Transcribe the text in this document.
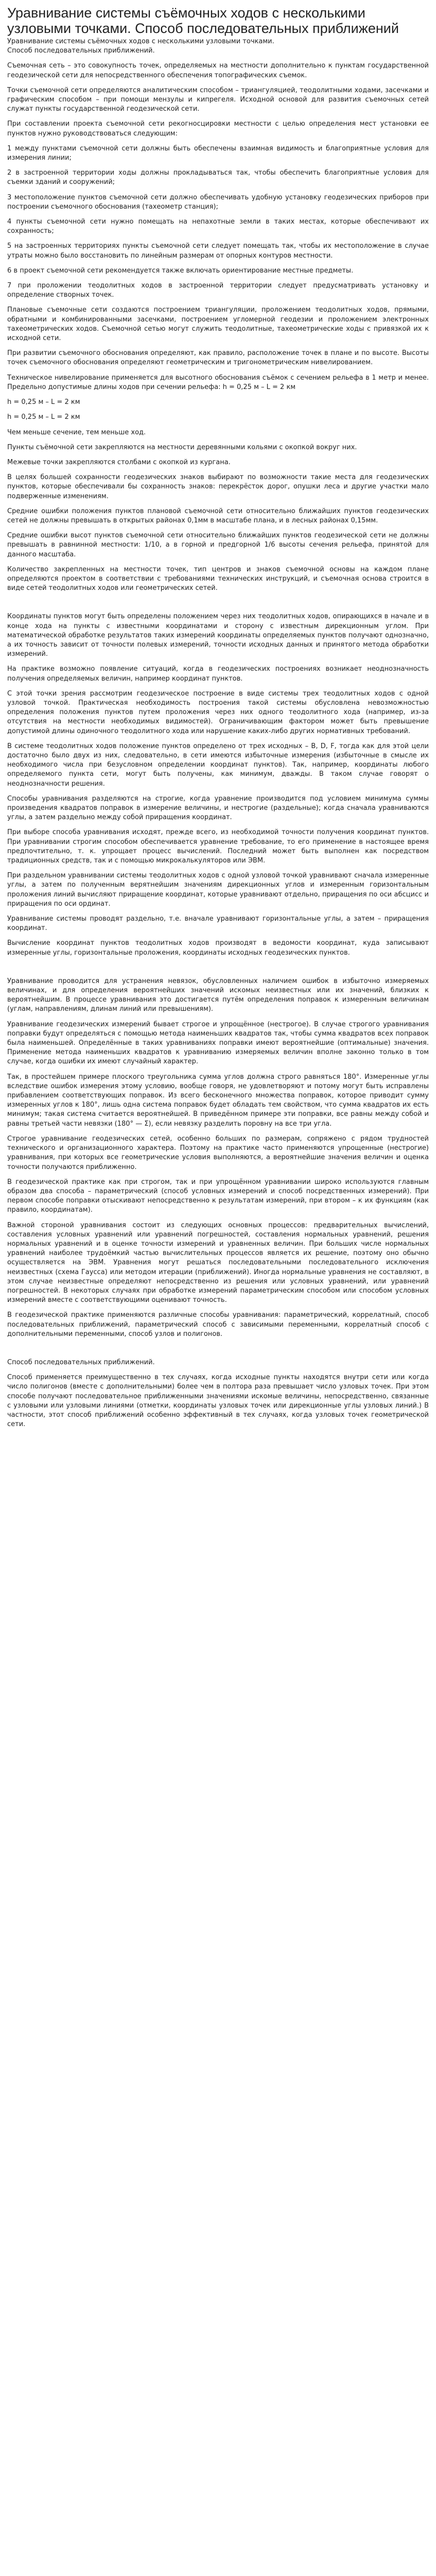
Уравнивание системы съёмочных ходов с несколькими узловыми точками. Способ последовательных приближений

Уравнивание системы съёмочных ходов с несколькими узловыми точками.

Способ последовательных приближений.

Съемочная сеть – это совокупность точек, определяемых на местности дополнительно к пунктам государственной геодезической сети для непосредственного обеспечения топографических съемок.

Точки съемочной сети определяются аналитическим способом – триангуляцией, теодолитными ходами, засечками и графическим способом – при помощи мензулы и кипрегеля. Исходной основой для развития съемочных сетей служат пункты государственной геодезической сети.

При составлении проекта съемочной сети рекогносцировки местности с целью определения мест установки ее пунктов нужно руководствоваться следующим:

1 между пунктами съемочной сети должны быть обеспечены взаимная видимость и благоприятные условия для измерения линии;

2 в застроенной территории ходы должны прокладываться так, чтобы обеспечить благоприятные условия для съемки зданий и сооружений;

3 местоположение пунктов съемочной сети должно обеспечивать удобную установку геодезических приборов при построении съемочного обоснования (тахеометр станция);

4 пункты съемочной сети нужно помещать на непахотные земли в таких местах, которые обеспечивают их сохранность;

5 на застроенных территориях пункты съемочной сети следует помещать так, чтобы их местоположение в случае утраты можно было восстановить по линейным размерам от опорных контуров местности.

6 в проект съемочной сети рекомендуется также включать ориентирование местные предметы.

7 при проложении теодолитных ходов в застроенной территории следует предусматривать установку и определение створных точек.

Плановые съемочные сети создаются построением триангуляции, проложением теодолитных ходов, прямыми, обратными и комбинированными засечками, построением угломерной геодезии и проложением электронных тахеометрических ходов. Съемочной сетью могут служить теодолитные, тахеометрические ходы с привязкой их к исходной сети.

При развитии съемочного обоснования определяют, как правило, расположение точек в плане и по высоте. Высоты точек съемочного обоснования определяют геометрическим и тригонометрическим нивелированием.

Техническое нивелирование применяется для высотного обоснования съёмок с сечением рельефа в 1 метр и менее. Предельно допустимые длины ходов при сечении рельефа: h = 0,25 м – L = 2 км

h = 0,25 м – L = 2 км

h = 0,25 м – L = 2 км

Чем меньше сечение, тем меньше ход.

Пункты съёмочной сети закрепляются на местности деревянными кольями с окопкой вокруг них.

Межевые точки закрепляются столбами с окопкой из кургана.

В целях большей сохранности геодезических знаков выбирают по возможности такие места для геодезических пунктов, которые обеспечивали бы сохранность знаков: перекрёсток дорог, опушки леса и другие участки мало подверженные изменениям.

Средние ошибки положения пунктов плановой съемочной сети относительно ближайших пунктов геодезических сетей не должны превышать в открытых районах 0,1мм в масштабе плана, и в лесных районах 0,15мм.

Средние ошибки высот пунктов съемочной сети относительно ближайших пунктов геодезической сети не должны превышать в равнинной местности: 1/10, а в горной и предгорной 1/6 высоты сечения рельефа, принятой для данного масштаба.

Количество закрепленных на местности точек, тип центров и знаков съемочной основы на каждом планe определяются проектом в соответствии с требованиями технических инструкций, и съемочная основа строится в виде сетей теодолитных ходов или геометрических сетей.

Координаты пунктов могут быть определены положением через них теодолитных ходов, опирающихся в начале и в конце хода на пункты с известными координатами и сторону с известным дирекционным углом. При математической обработке результатов таких измерений координаты определяемых пунктов получают однозначно, а их точность зависит от точности полевых измерений, точности исходных данных и принятого метода обработки измерений.

На практике возможно появление ситуаций, когда в геодезических построениях возникает неоднозначность получения определяемых величин, например координат пунктов.

С этой точки зрения рассмотрим геодезическое построение в виде системы трех теодолитных ходов с одной узловой точкой. Практическая необходимость построения такой системы обусловлена невозможностью определения положения пунктов путем проложения через них одного теодолитного хода (например, из-за отсутствия на местности необходимых видимостей). Ограничивающим фактором может быть превышение допустимой длины одиночного теодолитного хода или нарушение каких-либо других нормативных требований.

В системе теодолитных ходов положение пунктов определено от трех исходных – В, D, F, тогда как для этой цели достаточно было двух из них, следовательно, в сети имеются избыточные измерения (избыточные в смысле их необходимого числа при безусловном определении координат пунктов). Так, например, координаты любого определяемого пункта сети, могут быть получены, как минимум, дважды. В таком случае говорят о неоднозначности решения.

Способы уравнивания разделяются на строгие, когда уравнение производится под условием минимума суммы произведения квадратов поправок в измерение величины, и нестрогие (раздельные); когда сначала уравниваются углы, а затем раздельно между собой приращения координат.

При выборе способа уравнивания исходят, прежде всего, из необходимой точности получения координат пунктов. При уравнивании строгим способом обеспечивается уравнение требование, то его применение в настоящее время предпочтительно, т. к. упрощает процесс вычислений. Последний может быть выполнен как посредством традиционных средств, так и с помощью микрокалькуляторов или ЭВМ.

При раздельном уравнивании системы теодолитных ходов с одной узловой точкой уравнивают сначала измеренные углы, а затем по полученным верятнейшим значениям дирекционных углов и измеренным горизонтальным проложения линий вычисляют приращение координат, которые уравнивают отдельно, приращения по оси абсцисс и приращения по оси ординат.

Уравнивание системы проводят раздельно, т.е. вначале уравнивают горизонтальные углы, а затем – приращения координат.

Вычисление координат пунктов теодолитных ходов производят в ведомости координат, куда записывают измеренные углы, горизонтальные проложения, координаты исходных геодезических пунктов.

Уравнивание проводится для устранения невязок, обусловленных наличием ошибок в избыточно измеряемых величинах, и для определения вероятнейших значений искомых неизвестных или их значений, близких к вероятнейшим. В процессе уравнивания это достигается путём определения поправок к измеренным величинам (углам, направлениям, длинам линий или превышениям).

Уравнивание геодезических измерений бывает строгое и упрощённое (нестрогое). В случае строгого уравнивания поправки будут определяться с помощью метода наименьших квадратов так, чтобы сумма квадратов всех поправок была наименьшей. Определённые в таких уравниваниях поправки имеют вероятнейшие (оптимальные) значения. Применение метода наименьших квадратов к уравниванию измеряемых величин вполне законно только в том случае, когда ошибки их имеют случайный характер.

Так, в простейшем примере плоского треугольника сумма углов должна строго равняться 180°. Измеренные углы вследствие ошибок измерения этому условию, вообще говоря, не удовлетворяют и потому могут быть исправлены прибавлением соответствующих поправок. Из всего бесконечного множества поправок, которое приводит сумму измеренных углов к 180°, лишь одна система поправок будет обладать тем свойством, что сумма квадратов их есть минимум; такая система считается вероятнейшей. В приведённом примере эти поправки, все равны между собой и равны третьей части невязки (180° — Σ), если невязку разделить поровну на все три угла.

Строгое уравнивание геодезических сетей, особенно больших по размерам, сопряжено с рядом трудностей технического и организационного характера. Поэтому на практике часто применяются упрощенные (нестрогие) уравнивания, при которых все геометрические условия выполняются, а вероятнейшие значения величин и оценка точности получаются приближенно.

В геодезической практике как при строгом, так и при упрощённом уравнивании широко используются главным образом два способа – параметрический (способ условных измерений и способ посредственных измерений). При первом способе поправки отыскивают непосредственно к результатам измерений, при втором – к их функциям (как правило, координатам).

Важной стороной уравнивания состоит из следующих основных процессов: предварительных вычислений, составления условных уравнений или уравнений погрешностей, составления нормальных уравнений, решения нормальных уравнений и в оценке точности измерений и уравненных величин. При больших числе нормальных уравнений наиболее трудоёмкий частью вычислительных процессов является их решение, поэтому оно обычно осуществляется на ЭВМ. Уравнения могут решаться последовательными последовательного исключения неизвестных (схема Гаусса) или методом итерации (приближений). Иногда нормальные уравнения не составляют, в этом случае неизвестные определяют непосредственно из решения или условных уравнений, или уравнений погрешностей. В некоторых случаях при обработке измерений параметрическим способом или способом условных измерений вместе с соответствующими оценивают точность.

В геодезической практике применяются различные способы уравнивания: параметрический, коррелатный, способ последовательных приближений, параметрический способ с зависимыми переменными, коррелатный способ с дополнительными переменными, способ узлов и полигонов.

Способ последовательных приближений.

Способ применяется преимущественно в тех случаях, когда исходные пункты находятся внутри сети или когда число полигонов (вместе с дополнительными) более чем в полтора раза превышает число узловых точек. При этом способе получают последовательное приближенными значениями искомые величины, непосредственно, связанные с узловыми или узловыми линиями (отметки, координаты узловых точек или дирекционные углы узловых линий.) В частности, этот способ приближений особенно эффективный в тех случаях, когда узловых точек геометрической сети.
